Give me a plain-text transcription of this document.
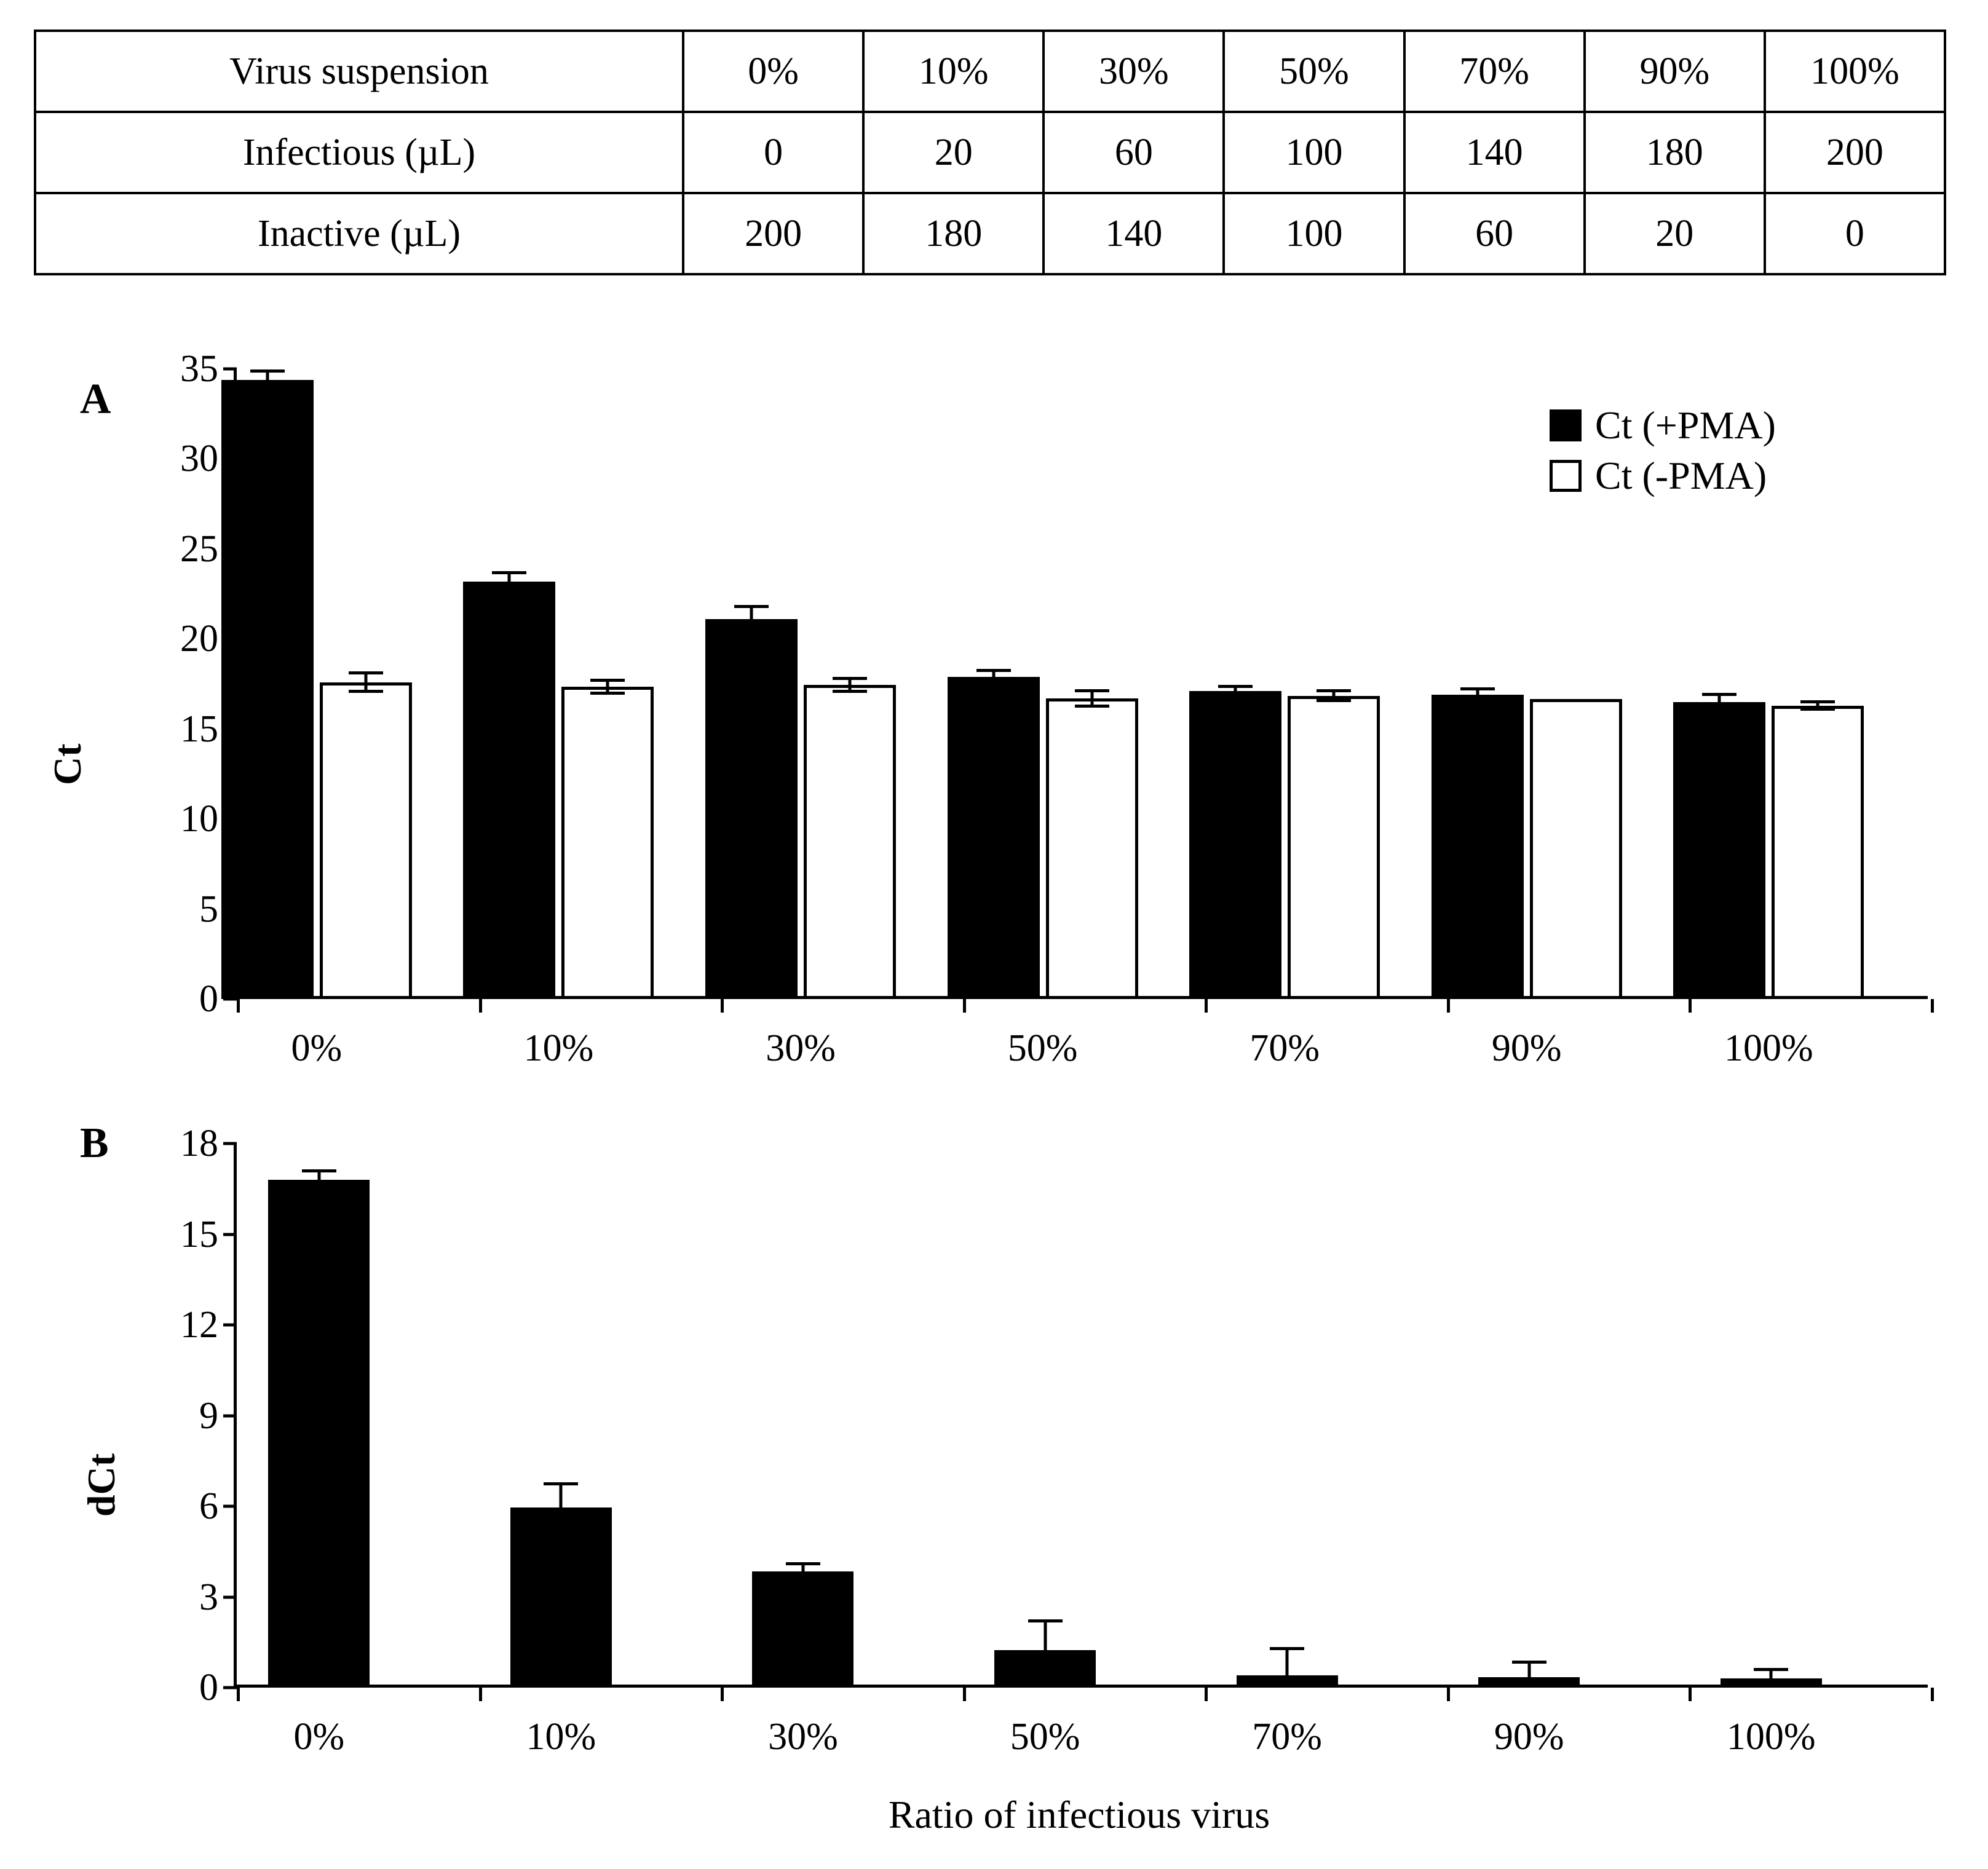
Virus suspension	0%	10%	30%	50%	70%	90%	100%
Infectious (µL)	0	20	60	100	140	180	200
Inactive (µL)	200	180	140	100	60	20	0
A
Ct
0
5
10
15
20
25
30
35
0%	10%	30%	50%	70%	90%	100%
Ct (+PMA)
Ct (-PMA)
B
dCt
0
3
6
9
12
15
18
0%	10%	30%	50%	70%	90%	100%
Ratio of infectious virus
